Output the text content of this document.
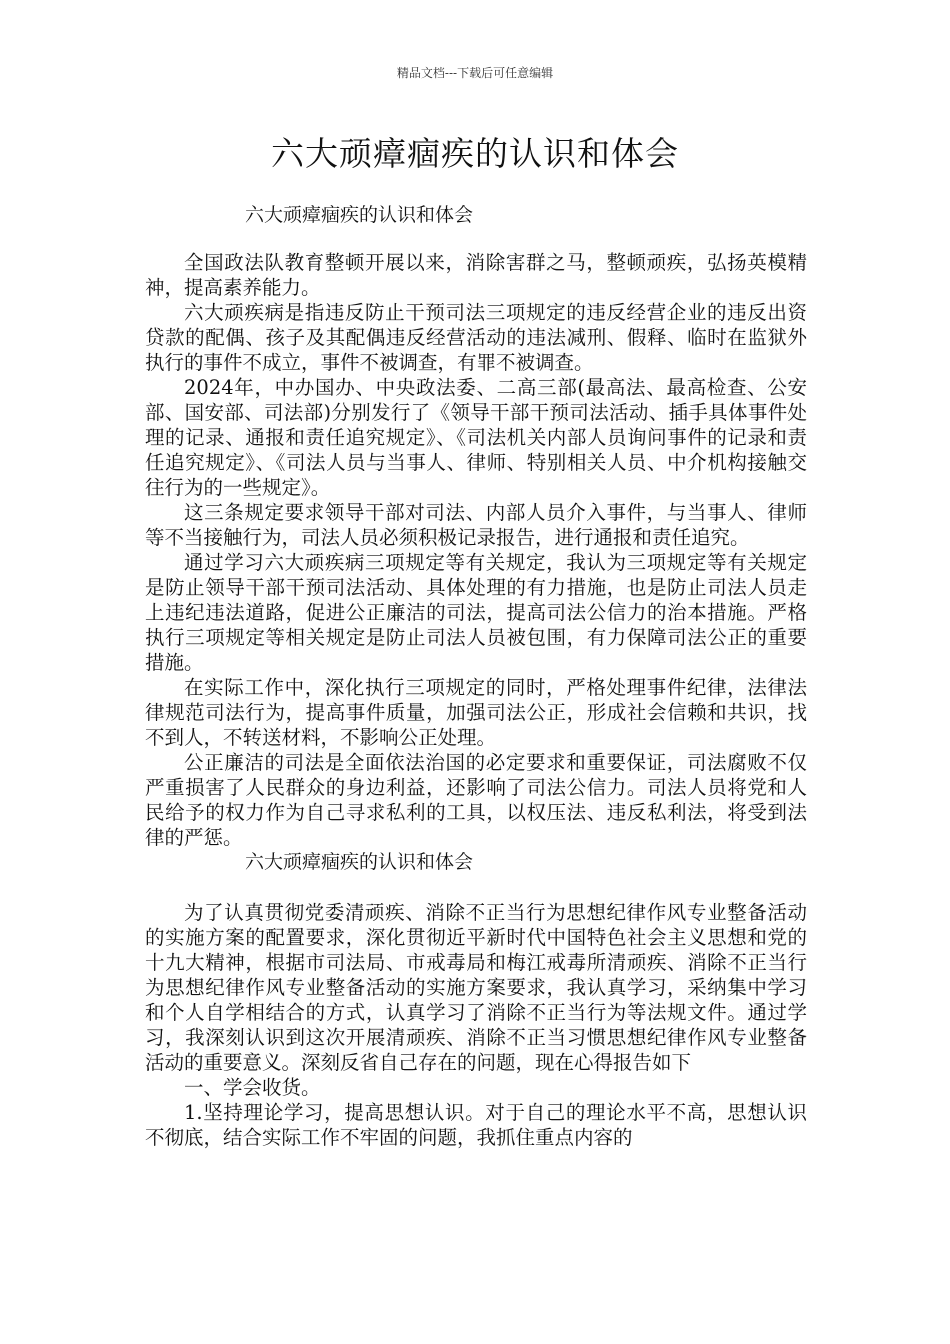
精品文档---下载后可任意编辑
六大顽瘴痼疾的认识和体会
六大顽瘴痼疾的认识和体会

全国政法队教育整顿开展以来，消除害群之马，整顿顽疾，弘扬英模精神，提高素养能力。

六大顽疾病是指违反防止干预司法三项规定的违反经营企业的违反出资贷款的配偶、孩子及其配偶违反经营活动的违法减刑、假释、临时在监狱外执行的事件不成立，事件不被调查，有罪不被调查。

2024年，中办国办、中央政法委、二高三部(最高法、最高检查、公安部、国安部、司法部)分别发行了《领导干部干预司法活动、插手具体事件处理的记录、通报和责任追究规定》、《司法机关内部人员询问事件的记录和责任追究规定》、《司法人员与当事人、律师、特别相关人员、中介机构接触交往行为的一些规定》。

这三条规定要求领导干部对司法、内部人员介入事件，与当事人、律师等不当接触行为，司法人员必须积极记录报告，进行通报和责任追究。

通过学习六大顽疾病三项规定等有关规定，我认为三项规定等有关规定是防止领导干部干预司法活动、具体处理的有力措施，也是防止司法人员走上违纪违法道路，促进公正廉洁的司法，提高司法公信力的治本措施。严格执行三项规定等相关规定是防止司法人员被包围，有力保障司法公正的重要措施。

在实际工作中，深化执行三项规定的同时，严格处理事件纪律，法律法律规范司法行为，提高事件质量，加强司法公正，形成社会信赖和共识，找不到人，不转送材料，不影响公正处理。

公正廉洁的司法是全面依法治国的必定要求和重要保证，司法腐败不仅严重损害了人民群众的身边利益，还影响了司法公信力。司法人员将党和人民给予的权力作为自己寻求私利的工具，以权压法、违反私利法，将受到法律的严惩。

六大顽瘴痼疾的认识和体会

为了认真贯彻党委清顽疾、消除不正当行为思想纪律作风专业整备活动的实施方案的配置要求，深化贯彻近平新时代中国特色社会主义思想和党的十九大精神，根据市司法局、市戒毒局和梅江戒毒所清顽疾、消除不正当行为思想纪律作风专业整备活动的实施方案要求，我认真学习，采纳集中学习和个人自学相结合的方式，认真学习了消除不正当行为等法规文件。通过学习，我深刻认识到这次开展清顽疾、消除不正当习惯思想纪律作风专业整备活动的重要意义。深刻反省自己存在的问题，现在心得报告如下

一、学会收货。

1.坚持理论学习，提高思想认识。对于自己的理论水平不高，思想认识不彻底，结合实际工作不牢固的问题，我抓住重点内容的
